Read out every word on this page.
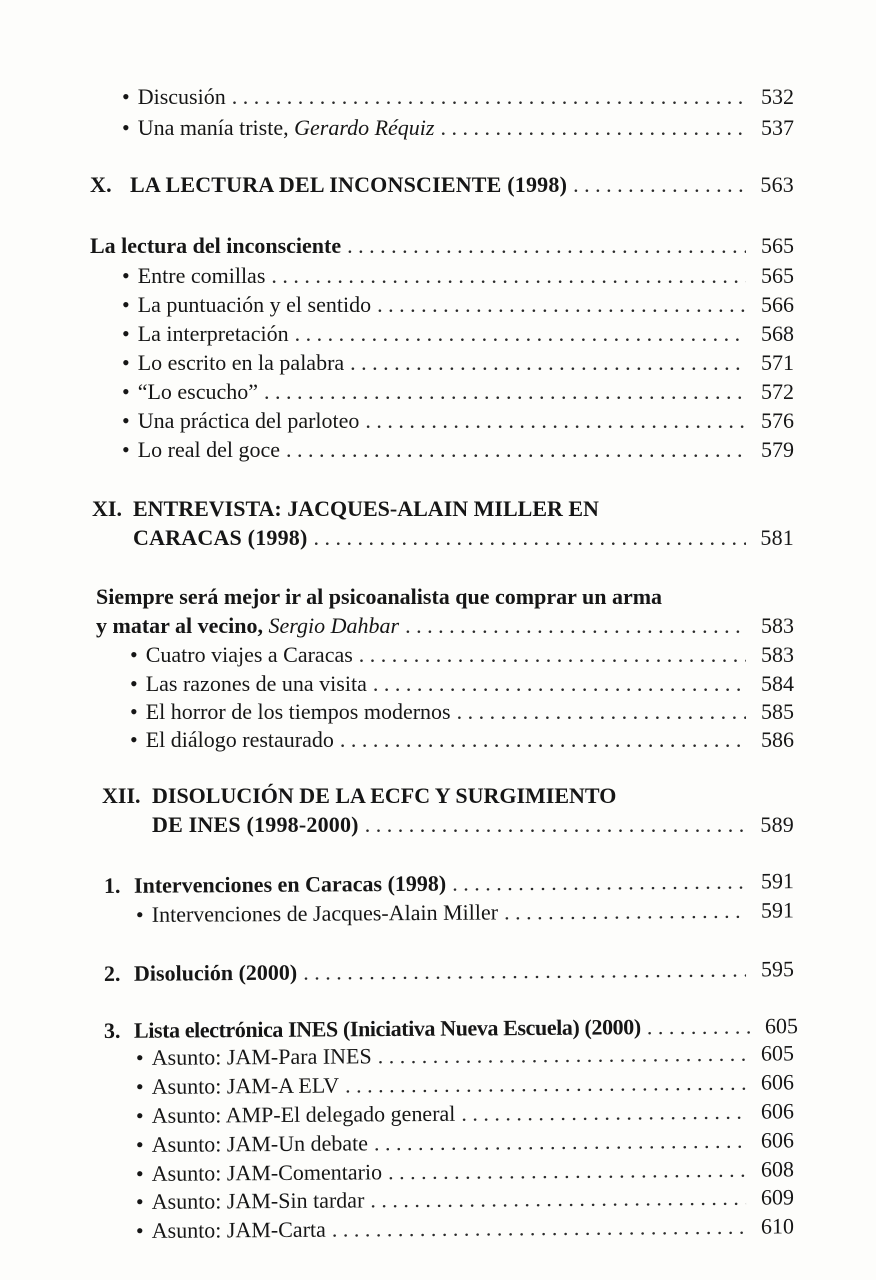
• Discusión . . .	532
• Una manía triste, Gerardo Réquiz . . .	537
X. LA LECTURA DEL INCONSCIENTE (1998) . . .	563
La lectura del inconsciente . . .	565
• Entre comillas . . .	565
• La puntuación y el sentido . . .	566
• La interpretación . . .	568
• Lo escrito en la palabra . . .	571
• “Lo escucho” . . .	572
• Una práctica del parloteo . . .	576
• Lo real del goce . . .	579
XI. ENTREVISTA: JACQUES-ALAIN MILLER EN
CARACAS (1998) . . .	581
Siempre será mejor ir al psicoanalista que comprar un arma
y matar al vecino, Sergio Dahbar . . .	583
• Cuatro viajes a Caracas . . .	583
• Las razones de una visita . . .	584
• El horror de los tiempos modernos . . .	585
• El diálogo restaurado . . .	586
XII. DISOLUCIÓN DE LA ECFC Y SURGIMIENTO
DE INES (1998-2000) . . .	589
1. Intervenciones en Caracas (1998) . . .	591
• Intervenciones de Jacques-Alain Miller . . .	591
2. Disolución (2000) . . .	595
3. Lista electrónica INES (Iniciativa Nueva Escuela) (2000) . . .	605
• Asunto: JAM-Para INES . . .	605
• Asunto: JAM-A ELV . . .	606
• Asunto: AMP-El delegado general . . .	606
• Asunto: JAM-Un debate . . .	606
• Asunto: JAM-Comentario . . .	608
• Asunto: JAM-Sin tardar . . .	609
• Asunto: JAM-Carta . . .	610
